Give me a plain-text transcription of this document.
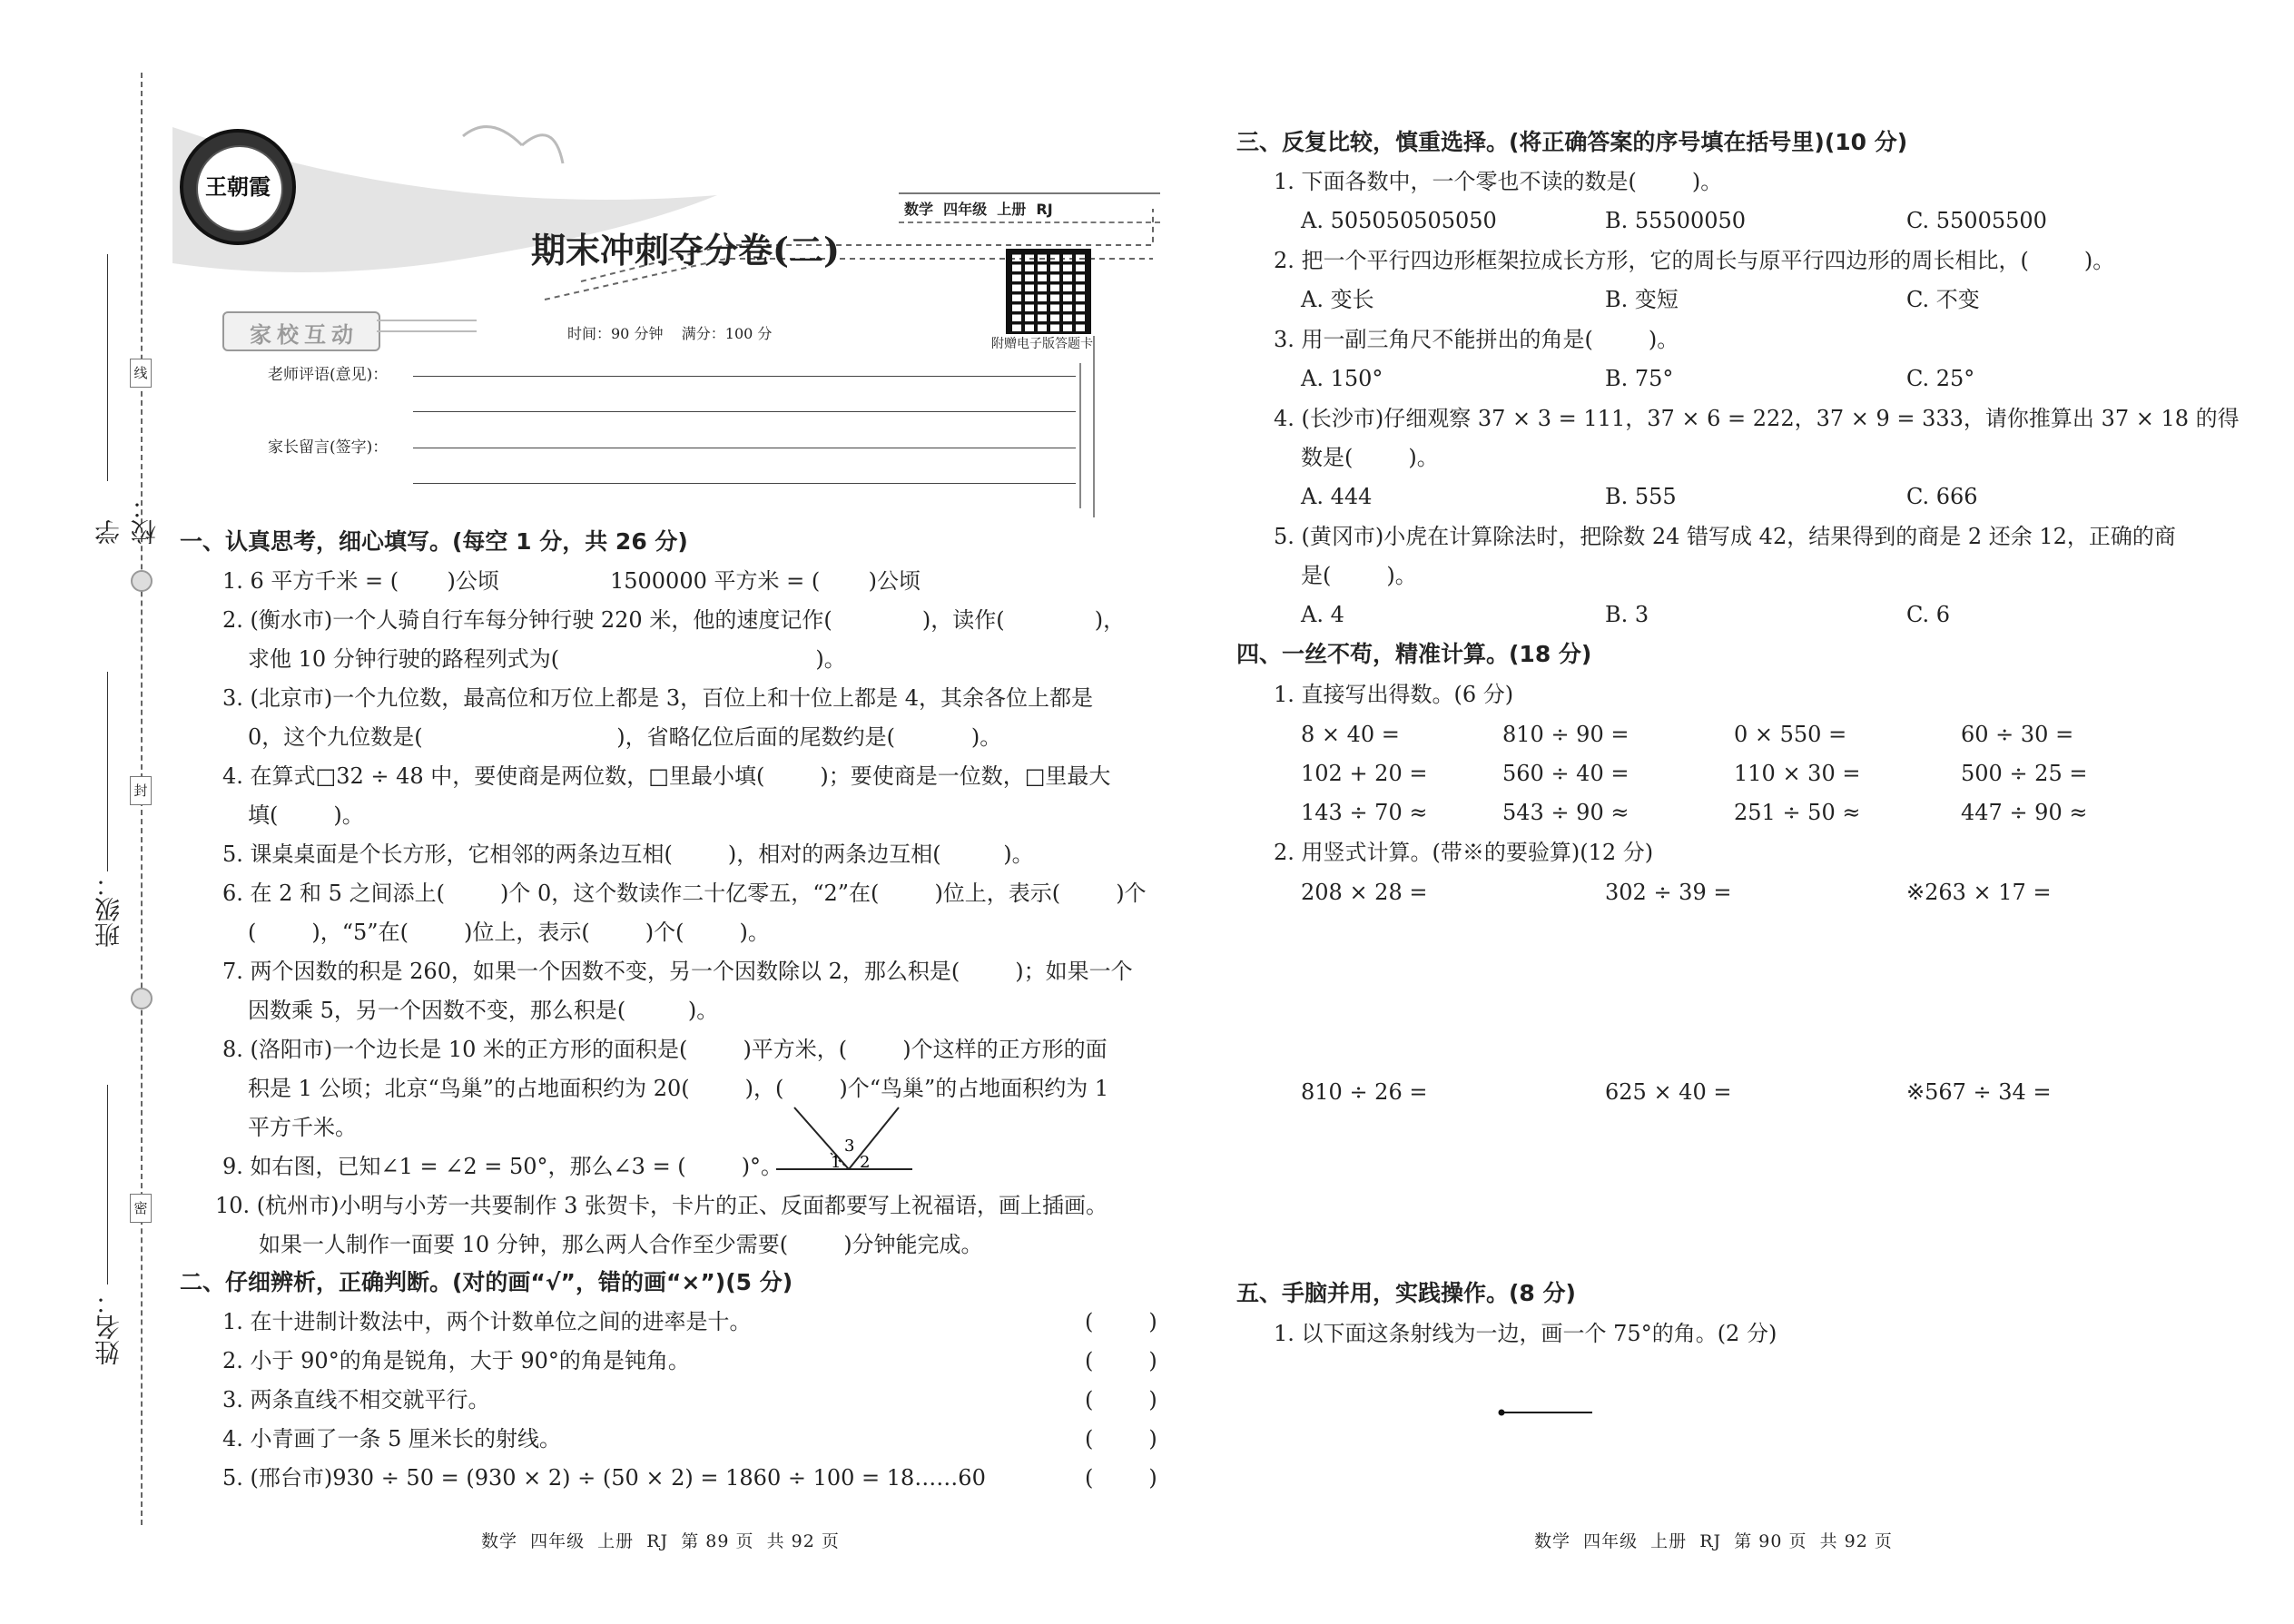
线
封
密
学校：
班级：
姓名：
王朝霞
数学  四年级  上册  RJ
期末冲刺夺分卷(二)
附赠电子版答题卡
家校互动	时间：90 分钟    满分：100 分
老师评语(意见)：
家长留言(签字)：
一、认真思考，细心填写。(每空 1 分，共 26 分)
1. 6 平方千米 = (       )公顷                1500000 平方米 = (       )公顷
2. (衡水市)一个人骑自行车每分钟行驶 220 米，他的速度记作(             )，读作(             )，
求他 10 分钟行驶的路程列式为(                                     )。
3. (北京市)一个九位数，最高位和万位上都是 3，百位上和十位上都是 4，其余各位上都是
0，这个九位数是(                            )，省略亿位后面的尾数约是(           )。
4. 在算式□32 ÷ 48 中，要使商是两位数，□里最小填(        )；要使商是一位数，□里最大
填(        )。
5. 课桌桌面是个长方形，它相邻的两条边互相(        )，相对的两条边互相(         )。
6. 在 2 和 5 之间添上(        )个 0，这个数读作二十亿零五，“2”在(        )位上，表示(        )个
(        )，“5”在(        )位上，表示(        )个(        )。
7. 两个因数的积是 260，如果一个因数不变，另一个因数除以 2，那么积是(        )；如果一个
因数乘 5，另一个因数不变，那么积是(         )。
8. (洛阳市)一个边长是 10 米的正方形的面积是(        )平方米，(        )个这样的正方形的面
积是 1 公顷；北京“鸟巢”的占地面积约为 20(        )，(        )个“鸟巢”的占地面积约为 1
平方千米。
9. 如右图，已知∠1 = ∠2 = 50°，那么∠3 = (        )°。	1
3
2
10. (杭州市)小明与小芳一共要制作 3 张贺卡，卡片的正、反面都要写上祝福语，画上插画。
如果一人制作一面要 10 分钟，那么两人合作至少需要(        )分钟能完成。
二、仔细辨析，正确判断。(对的画“√”，错的画“×”)(5 分)
1. 在十进制计数法中，两个计数单位之间的进率是十。	(        )
2. 小于 90°的角是锐角，大于 90°的角是钝角。	(        )
3. 两条直线不相交就平行。	(        )
4. 小青画了一条 5 厘米长的射线。	(        )
5. (邢台市)930 ÷ 50 = (930 × 2) ÷ (50 × 2) = 1860 ÷ 100 = 18……60	(        )
数学  四年级  上册  RJ  第 89 页  共 92 页
三、反复比较，慎重选择。(将正确答案的序号填在括号里)(10 分)
1. 下面各数中，一个零也不读的数是(        )。
A. 505050505050	B. 55500050	C. 55005500
2. 把一个平行四边形框架拉成长方形，它的周长与原平行四边形的周长相比，(        )。
A. 变长	B. 变短	C. 不变
3. 用一副三角尺不能拼出的角是(        )。
A. 150°	B. 75°	C. 25°
4. (长沙市)仔细观察 37 × 3 = 111，37 × 6 = 222，37 × 9 = 333，请你推算出 37 × 18 的得
数是(        )。
A. 444	B. 555	C. 666
5. (黄冈市)小虎在计算除法时，把除数 24 错写成 42，结果得到的商是 2 还余 12，正确的商
是(        )。
A. 4	B. 3	C. 6
四、一丝不苟，精准计算。(18 分)
1. 直接写出得数。(6 分)
8 × 40 =	810 ÷ 90 =	0 × 550 =	60 ÷ 30 =
102 + 20 =	560 ÷ 40 =	110 × 30 =	500 ÷ 25 =
143 ÷ 70 ≈	543 ÷ 90 ≈	251 ÷ 50 ≈	447 ÷ 90 ≈
2. 用竖式计算。(带※的要验算)(12 分)
208 × 28 =	302 ÷ 39 =	※263 × 17 =
810 ÷ 26 =	625 × 40 =	※567 ÷ 34 =
五、手脑并用，实践操作。(8 分)
1. 以下面这条射线为一边，画一个 75°的角。(2 分)
数学  四年级  上册  RJ  第 90 页  共 92 页
